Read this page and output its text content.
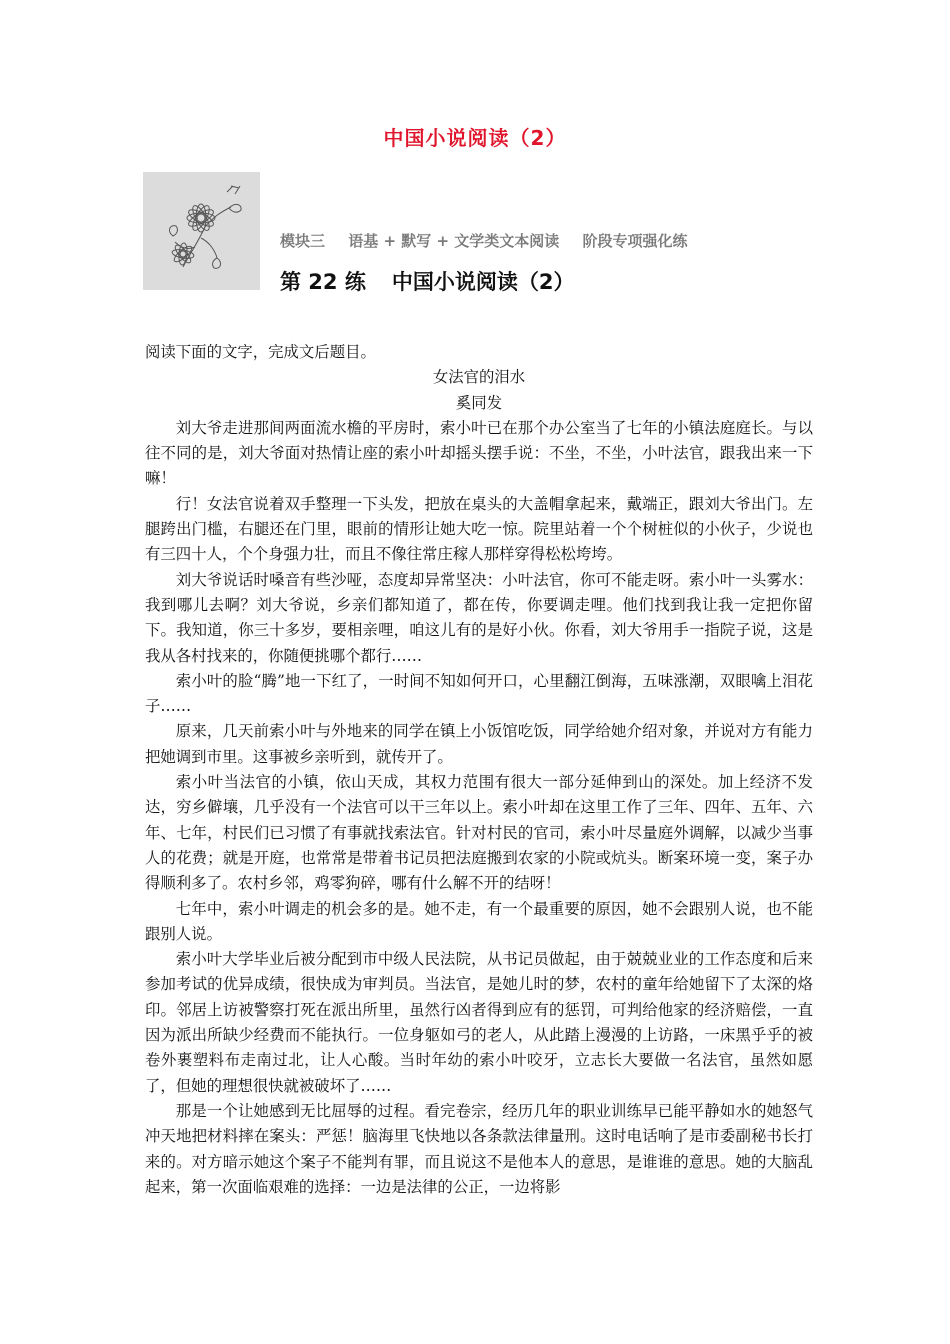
中国小说阅读（2）
模块三 语基 + 默写 + 文学类文本阅读 阶段专项强化练
第 22 练 中国小说阅读（2）

阅读下面的文字，完成文后题目。

女法官的泪水

奚同发

刘大爷走进那间两面流水檐的平房时，索小叶已在那个办公室当了七年的小镇法庭庭长。与以往不同的是，刘大爷面对热情让座的索小叶却摇头摆手说：不坐，不坐，小叶法官，跟我出来一下嘛！

行！女法官说着双手整理一下头发，把放在桌头的大盖帽拿起来，戴端正，跟刘大爷出门。左腿跨出门槛，右腿还在门里，眼前的情形让她大吃一惊。院里站着一个个树桩似的小伙子，少说也有三四十人，个个身强力壮，而且不像往常庄稼人那样穿得松松垮垮。

刘大爷说话时嗓音有些沙哑，态度却异常坚决：小叶法官，你可不能走呀。索小叶一头雾水：我到哪儿去啊？刘大爷说，乡亲们都知道了，都在传，你要调走哩。他们找到我让我一定把你留下。我知道，你三十多岁，要相亲哩，咱这儿有的是好小伙。你看，刘大爷用手一指院子说，这是我从各村找来的，你随便挑哪个都行……

索小叶的脸“腾”地一下红了，一时间不知如何开口，心里翻江倒海，五味涨潮，双眼噙上泪花子……

原来，几天前索小叶与外地来的同学在镇上小饭馆吃饭，同学给她介绍对象，并说对方有能力把她调到市里。这事被乡亲听到，就传开了。

索小叶当法官的小镇，依山天成，其权力范围有很大一部分延伸到山的深处。加上经济不发达，穷乡僻壤，几乎没有一个法官可以干三年以上。索小叶却在这里工作了三年、四年、五年、六年、七年，村民们已习惯了有事就找索法官。针对村民的官司，索小叶尽量庭外调解，以减少当事人的花费；就是开庭，也常常是带着书记员把法庭搬到农家的小院或炕头。断案环境一变，案子办得顺利多了。农村乡邻，鸡零狗碎，哪有什么解不开的结呀！

七年中，索小叶调走的机会多的是。她不走，有一个最重要的原因，她不会跟别人说，也不能跟别人说。

索小叶大学毕业后被分配到市中级人民法院，从书记员做起，由于兢兢业业的工作态度和后来参加考试的优异成绩，很快成为审判员。当法官，是她儿时的梦，农村的童年给她留下了太深的烙印。邻居上访被警察打死在派出所里，虽然行凶者得到应有的惩罚，可判给他家的经济赔偿，一直因为派出所缺少经费而不能执行。一位身躯如弓的老人，从此踏上漫漫的上访路，一床黑乎乎的被卷外裹塑料布走南过北，让人心酸。当时年幼的索小叶咬牙，立志长大要做一名法官，虽然如愿了，但她的理想很快就被破坏了……

那是一个让她感到无比屈辱的过程。看完卷宗，经历几年的职业训练早已能平静如水的她怒气冲天地把材料摔在案头：严惩！脑海里飞快地以各条款法律量刑。这时电话响了是市委副秘书长打来的。对方暗示她这个案子不能判有罪，而且说这不是他本人的意思，是谁谁的意思。她的大脑乱起来，第一次面临艰难的选择：一边是法律的公正，一边将影
